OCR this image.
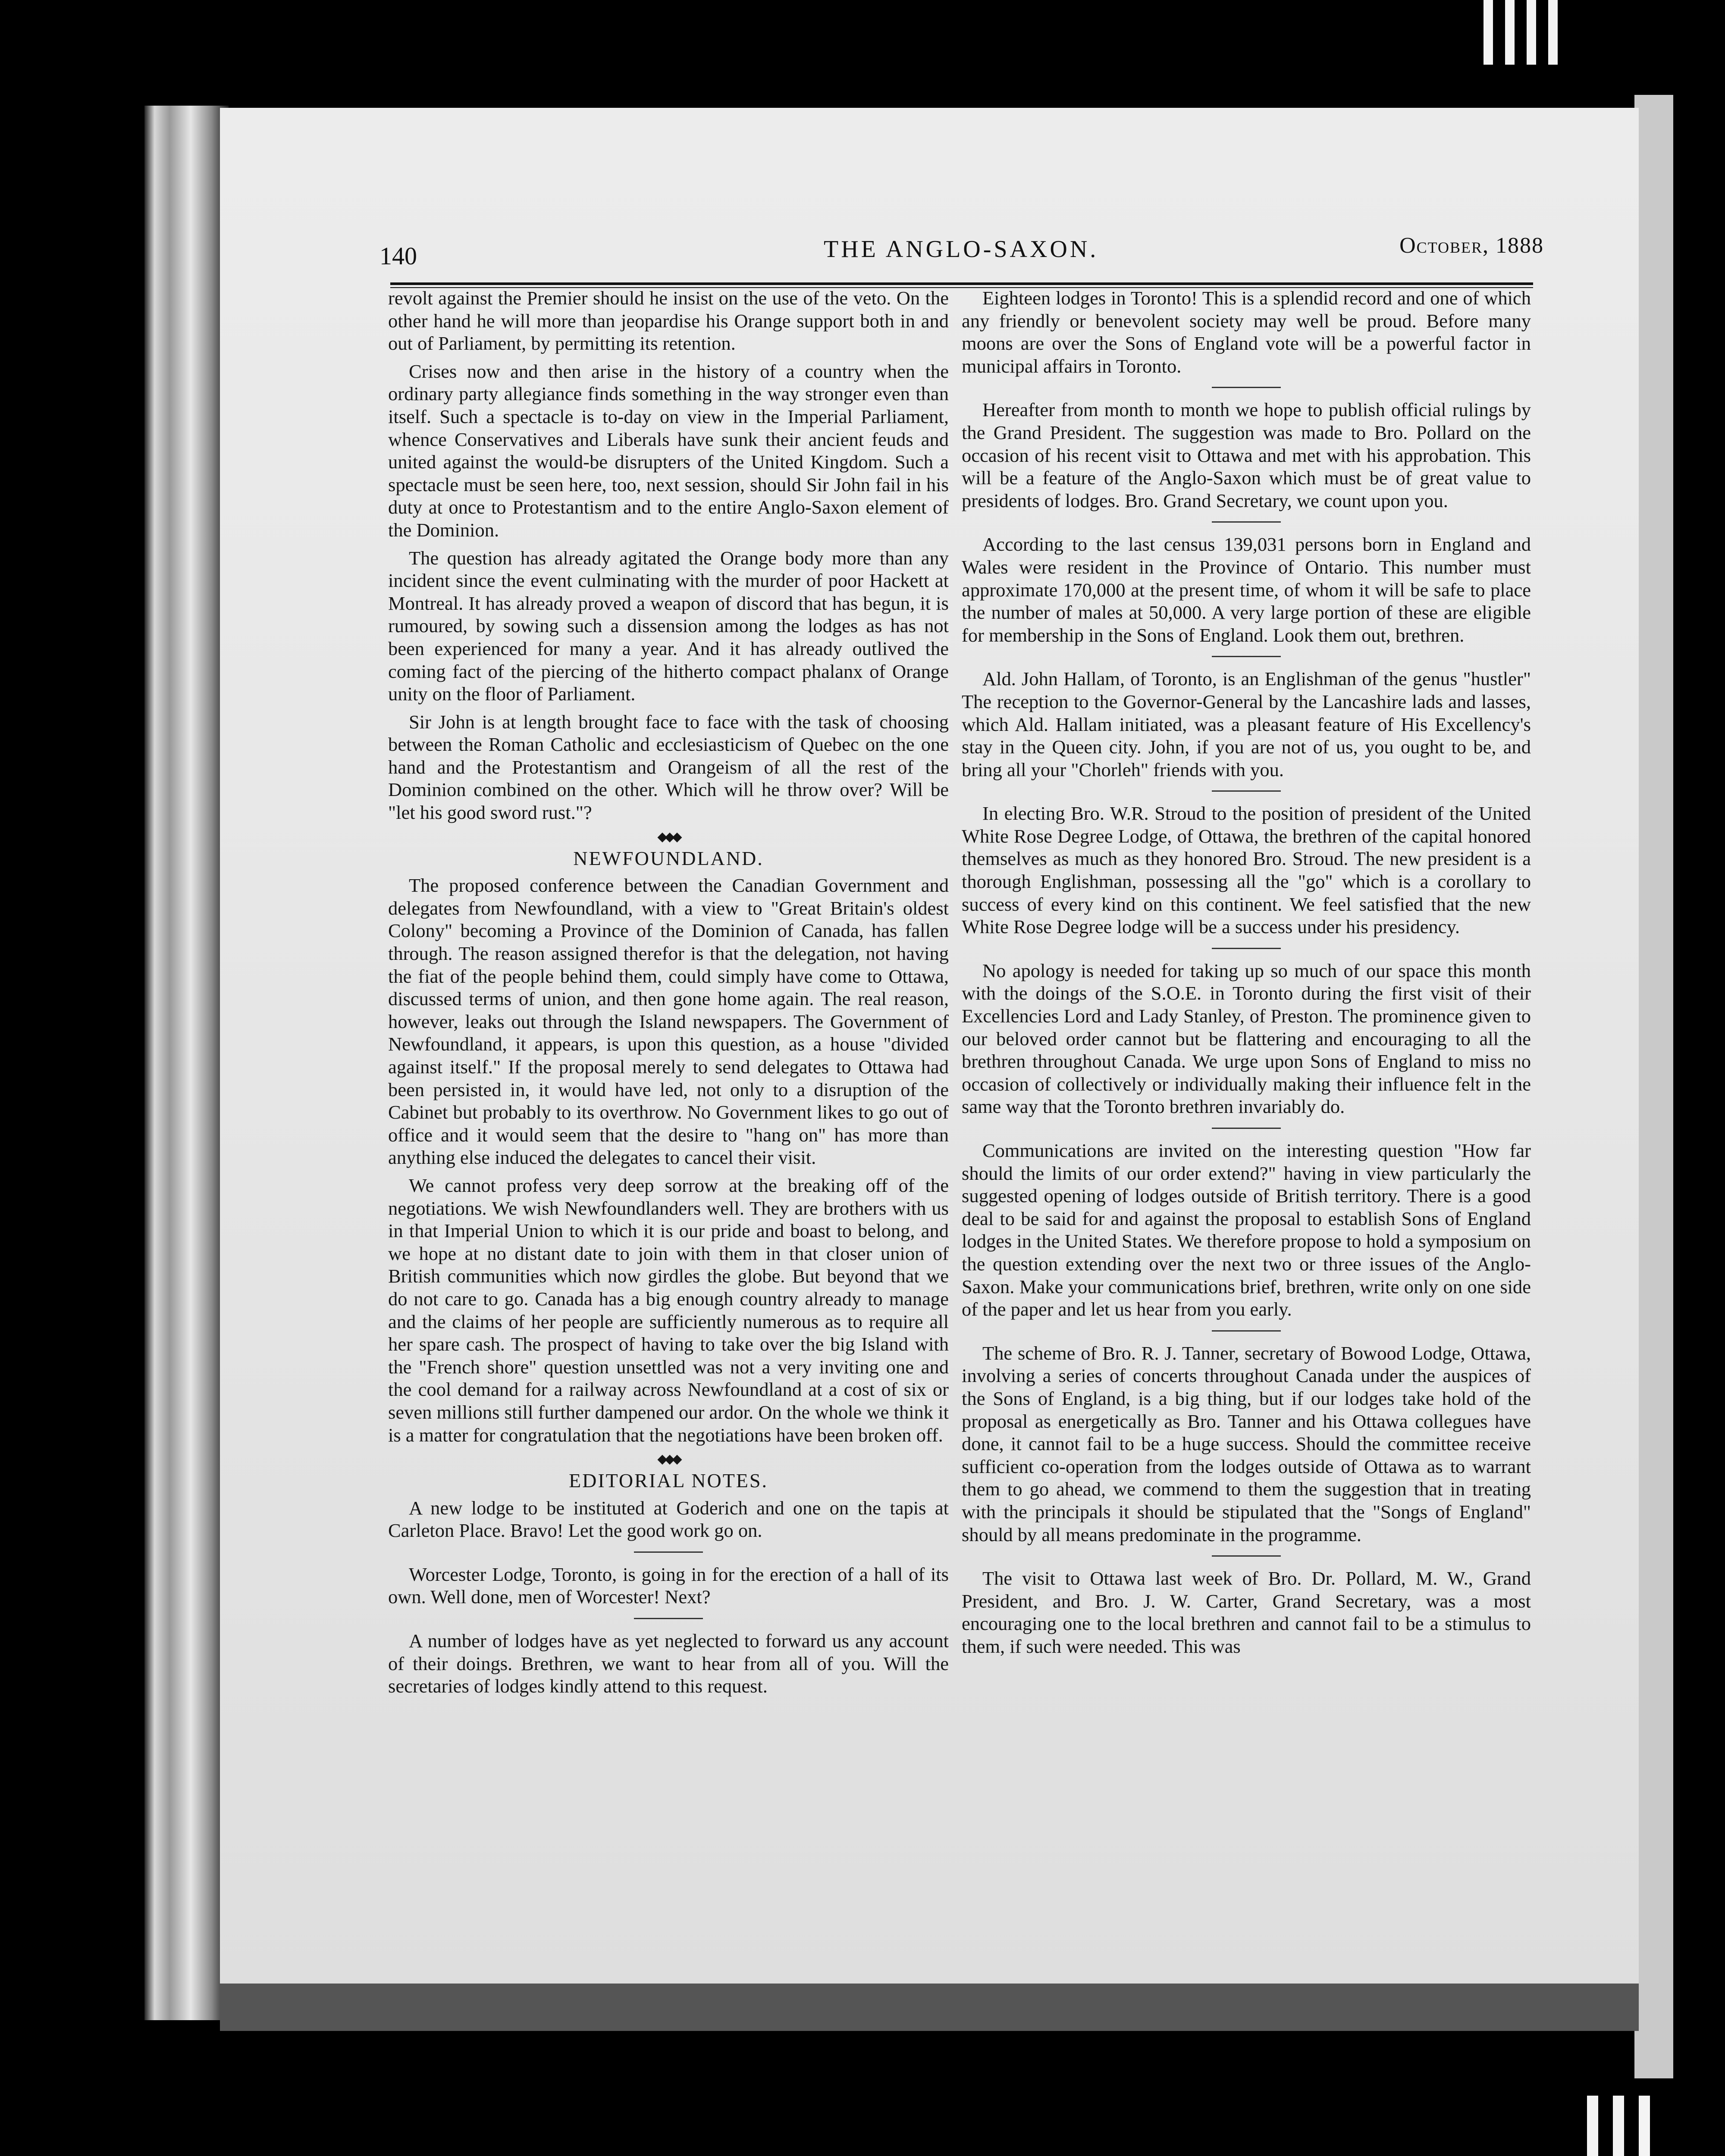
140	THE ANGLO-SAXON.	October, 1888

revolt against the Premier should he insist on the use of the veto. On the other hand he will more than jeopardise his Orange support both in and out of Parliament, by permitting its retention.

Crises now and then arise in the history of a country when the ordinary party allegiance finds something in the way stronger even than itself. Such a spectacle is to-day on view in the Imperial Parliament, whence Conservatives and Liberals have sunk their ancient feuds and united against the would-be disrupters of the United Kingdom. Such a spectacle must be seen here, too, next session, should Sir John fail in his duty at once to Protestantism and to the entire Anglo-Saxon element of the Dominion.

The question has already agitated the Orange body more than any incident since the event culminating with the murder of poor Hackett at Montreal. It has already proved a weapon of discord that has begun, it is rumoured, by sowing such a dissension among the lodges as has not been experienced for many a year. And it has already outlived the coming fact of the piercing of the hitherto compact phalanx of Orange unity on the floor of Parliament.

Sir John is at length brought face to face with the task of choosing between the Roman Catholic and ecclesiasticism of Quebec on the one hand and the Protestantism and Orangeism of all the rest of the Dominion combined on the other. Which will he throw over? Will be "let his good sword rust."?

◆◆◆
NEWFOUNDLAND.

The proposed conference between the Canadian Government and delegates from Newfoundland, with a view to "Great Britain's oldest Colony" becoming a Province of the Dominion of Canada, has fallen through. The reason assigned therefor is that the delegation, not having the fiat of the people behind them, could simply have come to Ottawa, discussed terms of union, and then gone home again. The real reason, however, leaks out through the Island newspapers. The Government of Newfoundland, it appears, is upon this question, as a house "divided against itself." If the proposal merely to send delegates to Ottawa had been persisted in, it would have led, not only to a disruption of the Cabinet but probably to its overthrow. No Government likes to go out of office and it would seem that the desire to "hang on" has more than anything else induced the delegates to cancel their visit.

We cannot profess very deep sorrow at the breaking off of the negotiations. We wish Newfoundlanders well. They are brothers with us in that Imperial Union to which it is our pride and boast to belong, and we hope at no distant date to join with them in that closer union of British communities which now girdles the globe. But beyond that we do not care to go. Canada has a big enough country already to manage and the claims of her people are sufficiently numerous as to require all her spare cash. The prospect of having to take over the big Island with the "French shore" question unsettled was not a very inviting one and the cool demand for a railway across Newfoundland at a cost of six or seven millions still further dampened our ardor. On the whole we think it is a matter for congratulation that the negotiations have been broken off.

◆◆◆
EDITORIAL NOTES.

A new lodge to be instituted at Goderich and one on the tapis at Carleton Place. Bravo! Let the good work go on.

Worcester Lodge, Toronto, is going in for the erection of a hall of its own. Well done, men of Worcester! Next?

A number of lodges have as yet neglected to forward us any account of their doings. Brethren, we want to hear from all of you. Will the secretaries of lodges kindly attend to this request.

Eighteen lodges in Toronto! This is a splendid record and one of which any friendly or benevolent society may well be proud. Before many moons are over the Sons of England vote will be a powerful factor in municipal affairs in Toronto.

Hereafter from month to month we hope to publish official rulings by the Grand President. The suggestion was made to Bro. Pollard on the occasion of his recent visit to Ottawa and met with his approbation. This will be a feature of the Anglo-Saxon which must be of great value to presidents of lodges. Bro. Grand Secretary, we count upon you.

According to the last census 139,031 persons born in England and Wales were resident in the Province of Ontario. This number must approximate 170,000 at the present time, of whom it will be safe to place the number of males at 50,000. A very large portion of these are eligible for membership in the Sons of England. Look them out, brethren.

Ald. John Hallam, of Toronto, is an Englishman of the genus "hustler" The reception to the Governor-General by the Lancashire lads and lasses, which Ald. Hallam initiated, was a pleasant feature of His Excellency's stay in the Queen city. John, if you are not of us, you ought to be, and bring all your "Chorleh" friends with you.

In electing Bro. W.R. Stroud to the position of president of the United White Rose Degree Lodge, of Ottawa, the brethren of the capital honored themselves as much as they honored Bro. Stroud. The new president is a thorough Englishman, possessing all the "go" which is a corollary to success of every kind on this continent. We feel satisfied that the new White Rose Degree lodge will be a success under his presidency.

No apology is needed for taking up so much of our space this month with the doings of the S.O.E. in Toronto during the first visit of their Excellencies Lord and Lady Stanley, of Preston. The prominence given to our beloved order cannot but be flattering and encouraging to all the brethren throughout Canada. We urge upon Sons of England to miss no occasion of collectively or individually making their influence felt in the same way that the Toronto brethren invariably do.

Communications are invited on the interesting question "How far should the limits of our order extend?" having in view particularly the suggested opening of lodges outside of British territory. There is a good deal to be said for and against the proposal to establish Sons of England lodges in the United States. We therefore propose to hold a symposium on the question extending over the next two or three issues of the Anglo-Saxon. Make your communications brief, brethren, write only on one side of the paper and let us hear from you early.

The scheme of Bro. R. J. Tanner, secretary of Bowood Lodge, Ottawa, involving a series of concerts throughout Canada under the auspices of the Sons of England, is a big thing, but if our lodges take hold of the proposal as energetically as Bro. Tanner and his Ottawa collegues have done, it cannot fail to be a huge success. Should the committee receive sufficient co-operation from the lodges outside of Ottawa as to warrant them to go ahead, we commend to them the suggestion that in treating with the principals it should be stipulated that the "Songs of England" should by all means predominate in the programme.

The visit to Ottawa last week of Bro. Dr. Pollard, M. W., Grand President, and Bro. J. W. Carter, Grand Secretary, was a most encouraging one to the local brethren and cannot fail to be a stimulus to them, if such were needed. This was
